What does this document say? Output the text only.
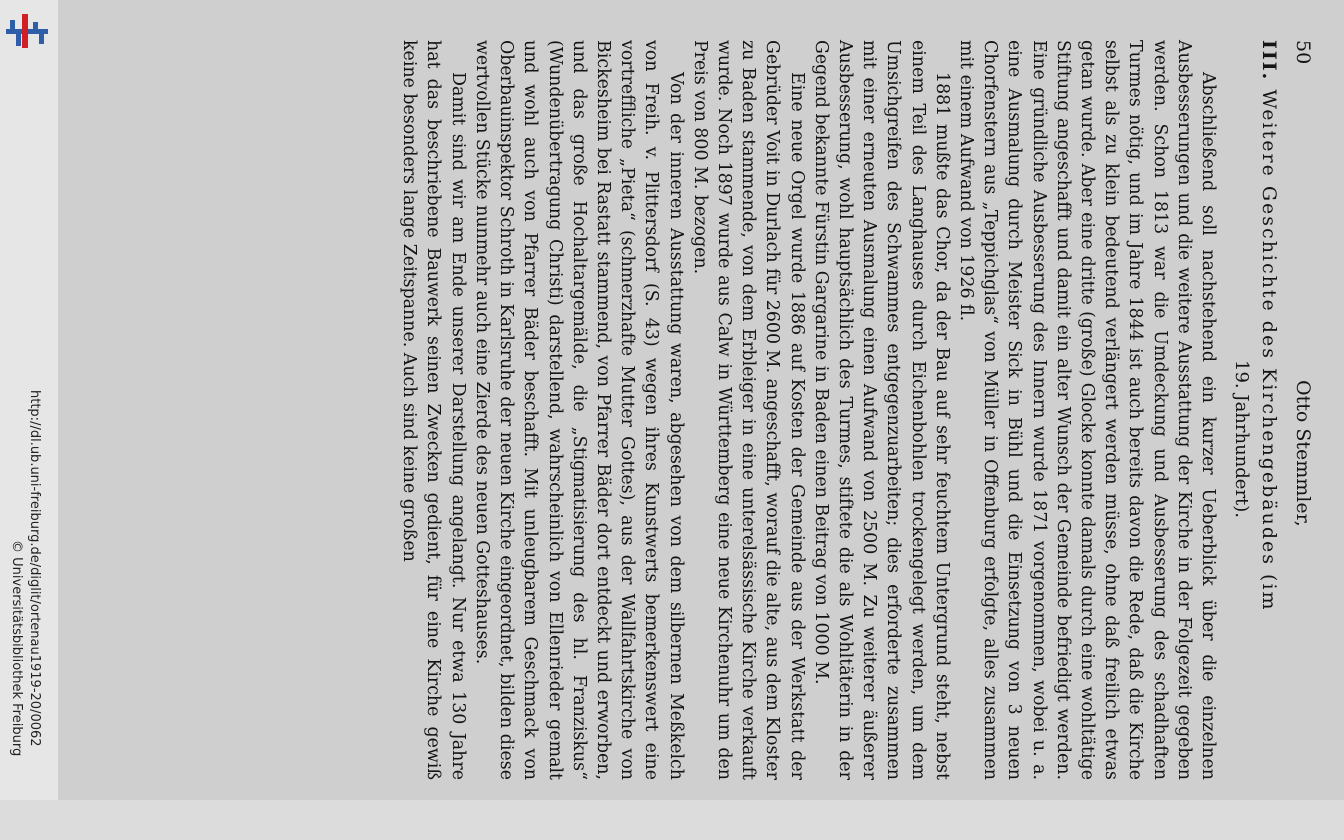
http://dl.ub.uni-freiburg.de/diglit/ortenau1919-20/0062
© Universitätsbibliothek Freiburg
50
Otto Stemmler,
III. Weitere Geschichte des Kirchengebäudes (im
19. Jahrhundert).

Abschließend soll nachstehend ein kurzer Ueberblick über die einzelnen Ausbesserungen und die weitere Ausstattung der Kirche in der Folgezeit gegeben werden. Schon 1813 war die Umdeckung und Ausbesserung des schadhaften Turmes nötig, und im Jahre 1844 ist auch bereits davon die Rede, daß die Kirche selbst als zu klein bedeutend verlängert werden müsse, ohne daß freilich etwas getan wurde. Aber eine dritte (große) Glocke konnte damals durch eine wohltätige Stiftung angeschafft und damit ein alter Wunsch der Gemeinde befriedigt werden. Eine gründliche Ausbesserung des Innern wurde 1871 vorgenommen, wobei u. a. eine Ausmalung durch Meister Sick in Bühl und die Einsetzung von 3 neuen Chorfenstern aus „Teppichglas“ von Müller in Offenburg erfolgte, alles zusammen mit einem Aufwand von 1926 fl.

1881 mußte das Chor, da der Bau auf sehr feuchtem Untergrund steht, nebst einem Teil des Langhauses durch Eichenbohlen trockengelegt werden, um dem Umsichgreifen des Schwammes entgegenzuarbeiten; dies erforderte zusammen mit einer erneuten Ausmalung einen Aufwand von 2500 M. Zu weiterer äußerer Ausbesserung, wohl hauptsächlich des Turmes, stiftete die als Wohltäterin in der Gegend bekannte Fürstin Gargarine in Baden einen Beitrag von 1000 M.

Eine neue Orgel wurde 1886 auf Kosten der Gemeinde aus der Werkstatt der Gebrüder Voit in Durlach für 2600 M. angeschafft, worauf die alte, aus dem Kloster zu Baden stammende, von dem Erbleiger in eine unterelsässische Kirche verkauft wurde. Noch 1897 wurde aus Calw in Württemberg eine neue Kirchenuhr um den Preis von 800 M. bezogen.

Von der inneren Ausstattung waren, abgesehen von dem silbernen Meßkelch von Freih. v. Plittersdorf (S. 43) wegen ihres Kunstwerts bemerkenswert eine vortreffliche „Pieta“ (schmerzhafte Mutter Gottes), aus der Wallfahrtskirche von Bickesheim bei Rastatt stammend, von Pfarrer Bäder dort entdeckt und erworben, und das große Hochaltargemälde, die „Stigmatisierung des hl. Franziskus“ (Wundenübertragung Christi) darstellend, wahrscheinlich von Ellenrieder gemalt und wohl auch von Pfarrer Bäder beschafft. Mit unleugbarem Geschmack von Oberbauinspektor Schroth in Karlsruhe der neuen Kirche eingeordnet, bilden diese wertvollen Stücke nunmehr auch eine Zierde des neuen Gotteshauses.

Damit sind wir am Ende unserer Darstellung angelangt. Nur etwa 130 Jahre hat das beschriebene Bauwerk seinen Zwecken gedient, für eine Kirche gewiß keine besonders lange Zeitspanne. Auch sind keine großen
